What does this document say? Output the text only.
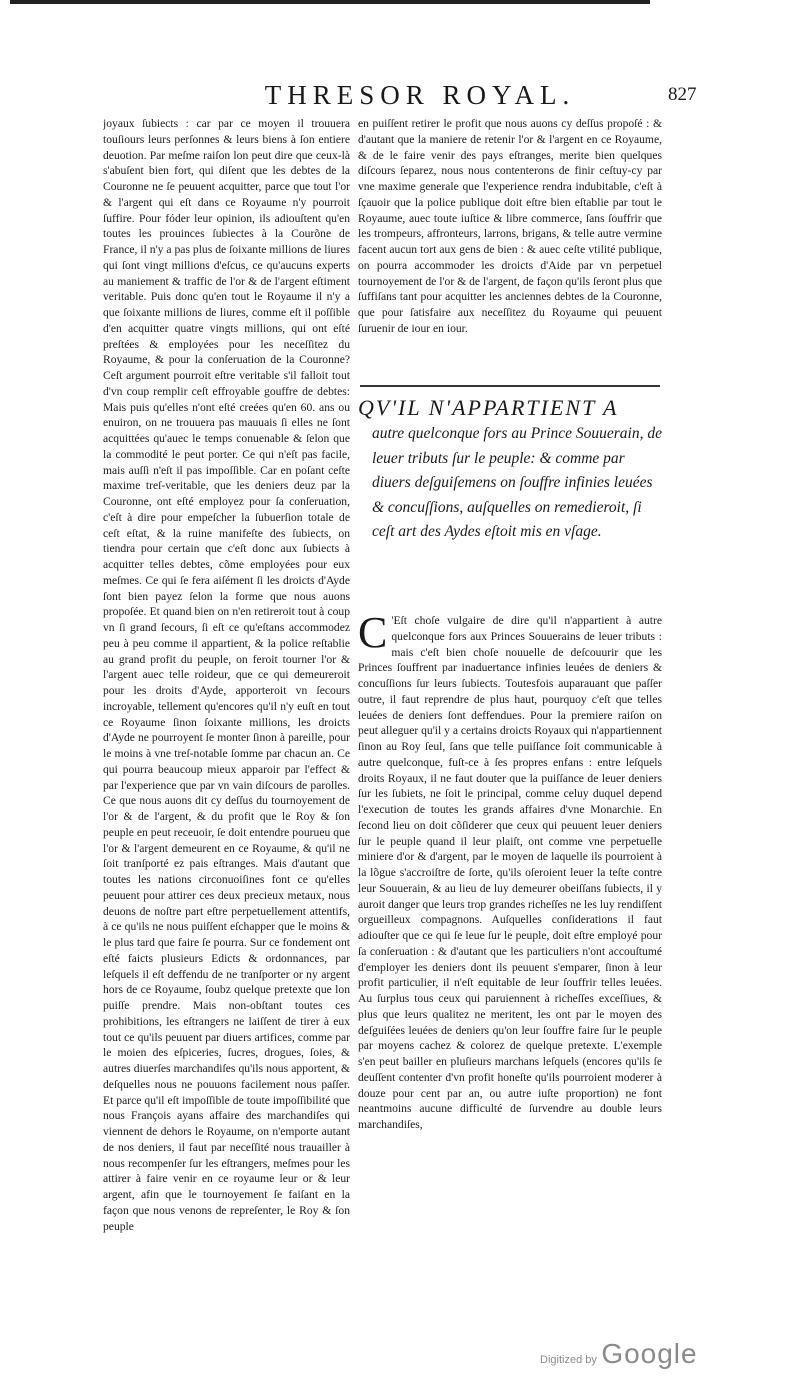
THRESOR ROYAL.	827

joyaux ſubiects : car par ce moyen il trouuera touſiours leurs perſonnes & leurs biens à ſon entiere deuotion. Par meſme raiſon lon peut dire que ceux-là s'abuſent bien fort, qui diſent que les debtes de la Couronne ne ſe peuuent acquitter, parce que tout l'or & l'argent qui eſt dans ce Royaume n'y pourroit ſuffire. Pour fóder leur opinion, ils adiouſtent qu'en toutes les prouinces ſubiectes à la Courõne de France, il n'y a pas plus de ſoixante millions de liures qui ſont vingt millions d'eſcus, ce qu'aucuns experts au maniement & traffic de l'or & de l'argent eſtiment veritable. Puis donc qu'en tout le Royaume il n'y a que ſoixante millions de liures, comme eſt il poſſible d'en acquitter quatre vingts millions, qui ont eſté preſtées & employées pour les neceſſitez du Royaume, & pour la conſeruation de la Couronne? Ceſt argument pourroit eſtre veritable s'il falloit tout d'vn coup remplir ceſt effroyable gouffre de debtes: Mais puis qu'elles n'ont eſté creées qu'en 60. ans ou enuiron, on ne trouuera pas mauuais ſi elles ne ſont acquittées qu'auec le temps conuenable & ſelon que la commodité le peut porter. Ce qui n'eſt pas facile, mais auſſi n'eſt il pas impoſſible. Car en poſant ceſte maxime treſ-veritable, que les deniers deuz par la Couronne, ont eſté employez pour ſa conſeruation, c'eſt à dire pour empeſcher la ſubuerſion totale de ceſt eſtat, & la ruine manifeſte des ſubiects, on tiendra pour certain que c'eſt donc aux ſubiects à acquitter telles debtes, cõme employées pour eux meſmes. Ce qui ſe fera aiſément ſi les droicts d'Ayde ſont bien payez ſelon la forme que nous auons propoſée. Et quand bien on n'en retireroit tout à coup vn ſi grand ſecours, ſi eſt ce qu'eſtans accommodez peu à peu comme il appartient, & la police reſtablie au grand profit du peuple, on feroit tourner l'or & l'argent auec telle roideur, que ce qui demeureroit pour les droits d'Ayde, apporteroit vn ſecours incroyable, tellement qu'encores qu'il n'y euſt en tout ce Royaume ſinon ſoixante millions, les droicts d'Ayde ne pourroyent ſe monter ſinon à pareille, pour le moins à vne treſ-notable ſomme par chacun an. Ce qui pourra beaucoup mieux apparoir par l'effect & par l'experience que par vn vain diſcours de parolles. Ce que nous auons dit cy deſſus du tournoyement de l'or & de l'argent, & du profit que le Roy & ſon peuple en peut receuoir, ſe doit entendre pourueu que l'or & l'argent demeurent en ce Royaume, & qu'il ne ſoit tranſporté ez pais eſtranges. Mais d'autant que toutes les nations circonuoiſines font ce qu'elles peuuent pour attirer ces deux precieux metaux, nous deuons de noſtre part eſtre perpetuellement attentifs, à ce qu'ils ne nous puiſſent eſchapper que le moins & le plus tard que faire ſe pourra. Sur ce fondement ont eſté faicts plusieurs Edicts & ordonnances, par leſquels il eſt deffendu de ne tranſporter or ny argent hors de ce Royaume, ſoubz quelque pretexte que lon puiſſe prendre. Mais non-obſtant toutes ces prohibitions, les eſtrangers ne laiſſent de tirer à eux tout ce qu'ils peuuent par diuers artifices, comme par le moien des eſpiceries, ſucres, drogues, ſoies, & autres diuerſes marchandiſes qu'ils nous apportent, & deſquelles nous ne pouuons facilement nous paſſer. Et parce qu'il eſt impoſſible de toute impoſſibilité que nous François ayans affaire des marchandiſes qui viennent de dehors le Royaume, on n'emporte autant de nos deniers, il faut par neceſſité nous trauailler à nous recompenſer ſur les eſtrangers, meſmes pour les attirer à faire venir en ce royaume leur or & leur argent, afin que le tournoyement ſe faiſant en la façon que nous venons de repreſenter, le Roy & ſon peuple

en puiſſent retirer le profit que nous auons cy deſſus propoſé : & d'autant que la maniere de retenir l'or & l'argent en ce Royaume, & de le faire venir des pays eſtranges, merite bien quelques diſcours ſeparez, nous nous contenterons de finir ceſtuy-cy par vne maxime generale que l'experience rendra indubitable, c'eſt à ſçauoir que la police publique doit eſtre bien eſtablie par tout le Royaume, auec toute iuſtice & libre commerce, ſans ſouffrir que les trompeurs, affronteurs, larrons, brigans, & telle autre vermine facent aucun tort aux gens de bien : & auec ceſte vtilité publique, on pourra accommoder les droicts d'Aide par vn perpetuel tournoyement de l'or & de l'argent, de façon qu'ils ſeront plus que ſuffiſans tant pour acquitter les anciennes debtes de la Couronne, que pour ſatisfaire aux neceſſitez du Royaume qui peuuent ſuruenir de iour en iour.

QV'IL N'APPARTIENT A
autre quelconque fors au Prince Souuerain, de leuer tributs ſur le peuple: & comme par diuers deſguiſemens on ſouffre infinies leuées & concuſſions, auſquelles on remedieroit, ſi ceſt art des Aydes eſtoit mis en vſage.
C 'Eſt choſe vulgaire de dire qu'il n'appartient à autre quelconque fors aux Princes Souuerains de leuer tributs : mais c'eſt bien choſe nouuelle de deſcouurir que les Princes ſouffrent par inaduertance infinies leuées de deniers & concuſſions ſur leurs ſubiects. Toutesfois auparauant que paſſer outre, il faut reprendre de plus haut, pourquoy c'eſt que telles leuées de deniers ſont deffendues. Pour la premiere raiſon on peut alleguer qu'il y a certains droicts Royaux qui n'appartiennent ſinon au Roy ſeul, ſans que telle puiſſance ſoit communicable à autre quelconque, fuſt-ce à ſes propres enfans : entre leſquels droits Royaux, il ne faut douter que la puiſſance de leuer deniers ſur les ſubiets, ne ſoit le principal, comme celuy duquel depend l'execution de toutes les grands affaires d'vne Monarchie. En ſecond lieu on doit cõſiderer que ceux qui peuuent leuer deniers ſur le peuple quand il leur plaiſt, ont comme vne perpetuelle miniere d'or & d'argent, par le moyen de laquelle ils pourroient à la lõgue s'accroiſtre de ſorte, qu'ils oſeroient leuer la teſte contre leur Souuerain, & au lieu de luy demeurer obeiſſans ſubiects, il y auroit danger que leurs trop grandes richeſſes ne les luy rendiſſent orgueilleux compagnons. Auſquelles conſiderations il faut adiouſter que ce qui ſe leue ſur le peuple, doit eſtre employé pour ſa conſeruation : & d'autant que les particuliers n'ont accouſtumé d'employer les deniers dont ils peuuent s'emparer, ſinon à leur profit particulier, il n'eſt equitable de leur ſouffrir telles leuées. Au ſurplus tous ceux qui paruiennent à richeſſes exceſſiues, & plus que leurs qualitez ne meritent, les ont par le moyen des deſguiſées leuées de deniers qu'on leur ſouffre faire ſur le peuple par moyens cachez & colorez de quelque pretexte. L'exemple s'en peut bailler en pluſieurs marchans leſquels (encores qu'ils ſe deuſſent contenter d'vn profit honeſte qu'ils pourroient moderer à douze pour cent par an, ou autre iuſte proportion) ne font neantmoins aucune difficulté de ſurvendre au double leurs marchandiſes,

Digitized by Google
